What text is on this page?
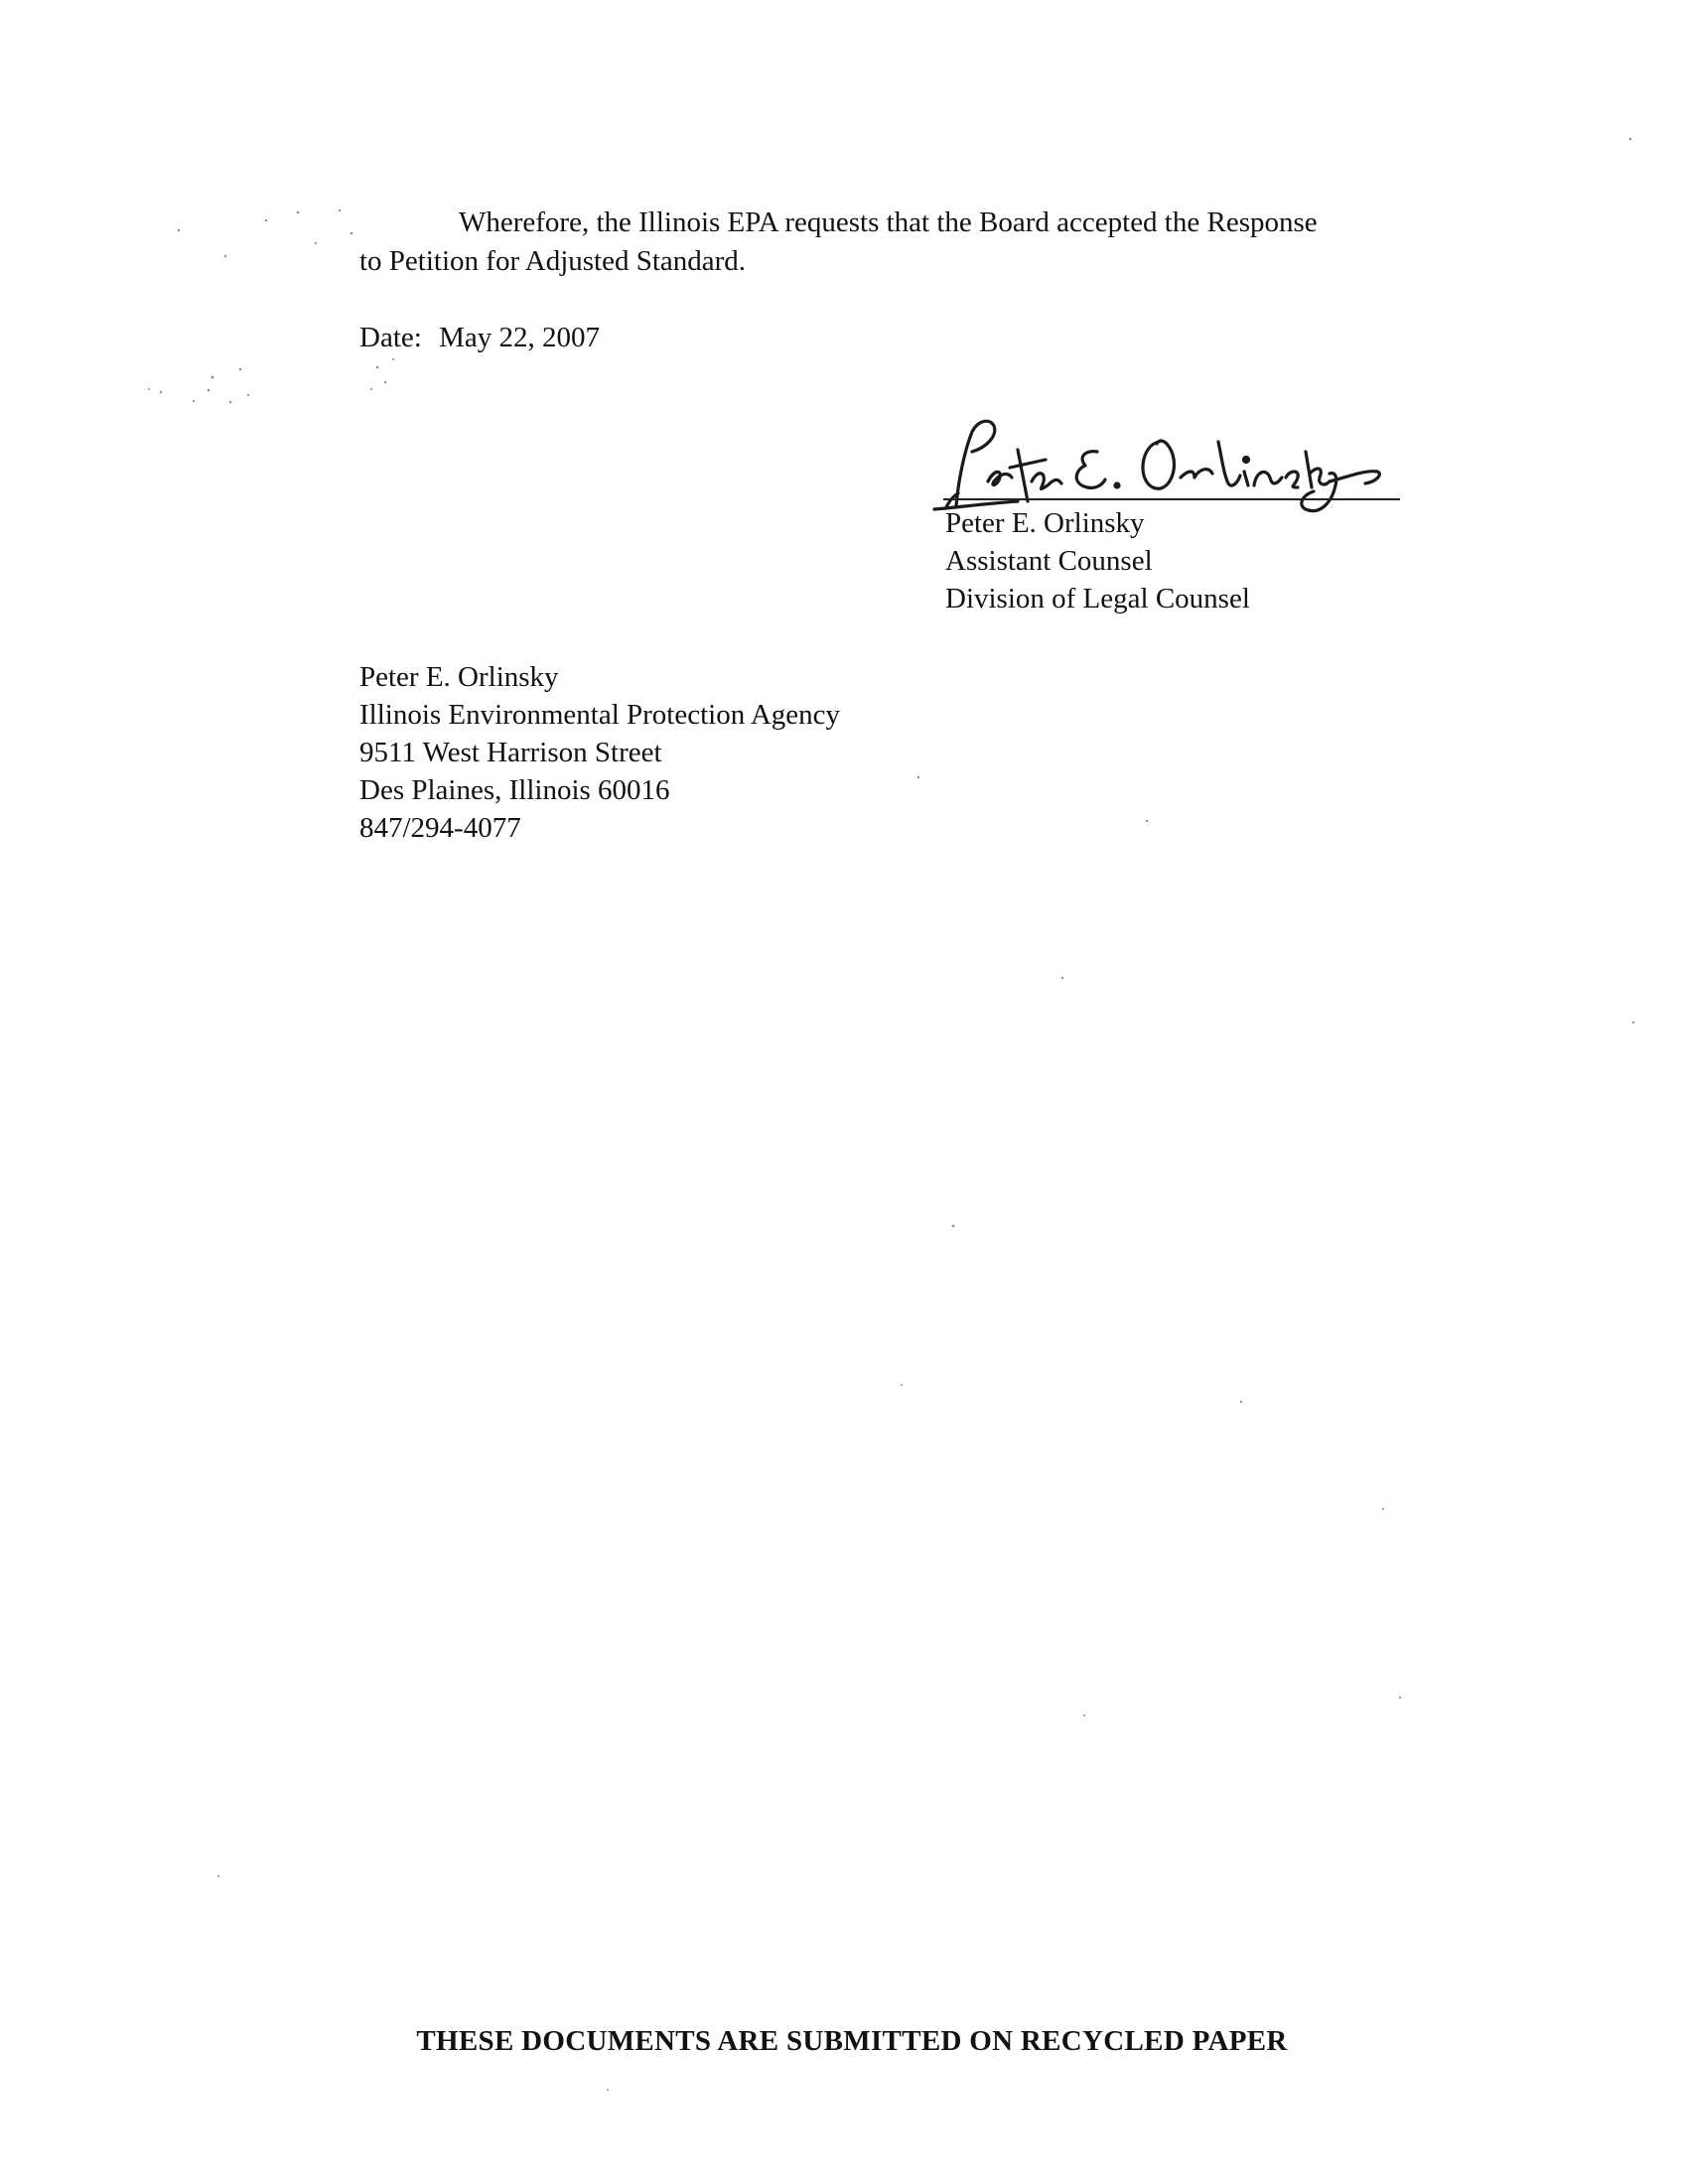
Wherefore, the Illinois EPA requests that the Board accepted the Response
to Petition for Adjusted Standard.
Date: May 22, 2007
Peter E. Orlinsky
Assistant Counsel
Division of Legal Counsel
Peter E. Orlinsky
Illinois Environmental Protection Agency
9511 West Harrison Street
Des Plaines, Illinois 60016
847/294-4077
THESE DOCUMENTS ARE SUBMITTED ON RECYCLED PAPER
